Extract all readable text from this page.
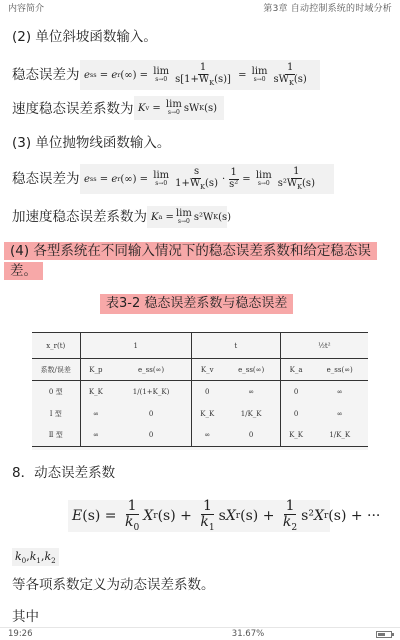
内容简介	第3章 自动控制系统的时域分析
(2) 单位斜坡函数输入。
稳态误差为 e ss = e r (∞) = lim
$s\to 0 \frac{1}{s[1+W_K(s)]} = \lim$
$s\to 0 \frac{1}{sW_K(s)}$
速度稳态误差系数为 K v = lim
s→0 sW K (s)
(3) 单位抛物线函数输入。
稳态误差为 e ss = e r (∞) = lim
$s\to 0 \frac{s}{1+W_K(s)} \cdot \frac{1}{\text{s²}} = \lim$
$s\to 0 \frac{1}{s^2W_K(s)}$
加速度稳态误差系数为 K a = lim
s→0 s²W K (s)
(4) 各型系统在不同输入情况下的稳态误差系数和给定稳态误
差。
表3-2 稳态误差系数与稳态误差
x_r(t)	1		t		½t²	
系数/误差	K_p	e_ss(∞)	K_v	e_ss(∞)	K_a	e_ss(∞)
0 型	K_K	1/(1+K_K)	0	∞	0	∞
Ⅰ 型	∞	0	K_K	1/K_K	0	∞
Ⅱ 型	∞	0	∞	0	K_K	1/K_K
8．动态误差系数
E $(s) = \frac{1}{k_0}$ X r $(s) + \frac{1}{k_1}$ s X r $(s) + \frac{1}{k_2} s^2$ X r (s) + ···
$k_0,k_1,k_2$
等各项系数定义为动态误差系数。
其中
19:26	31.67%
